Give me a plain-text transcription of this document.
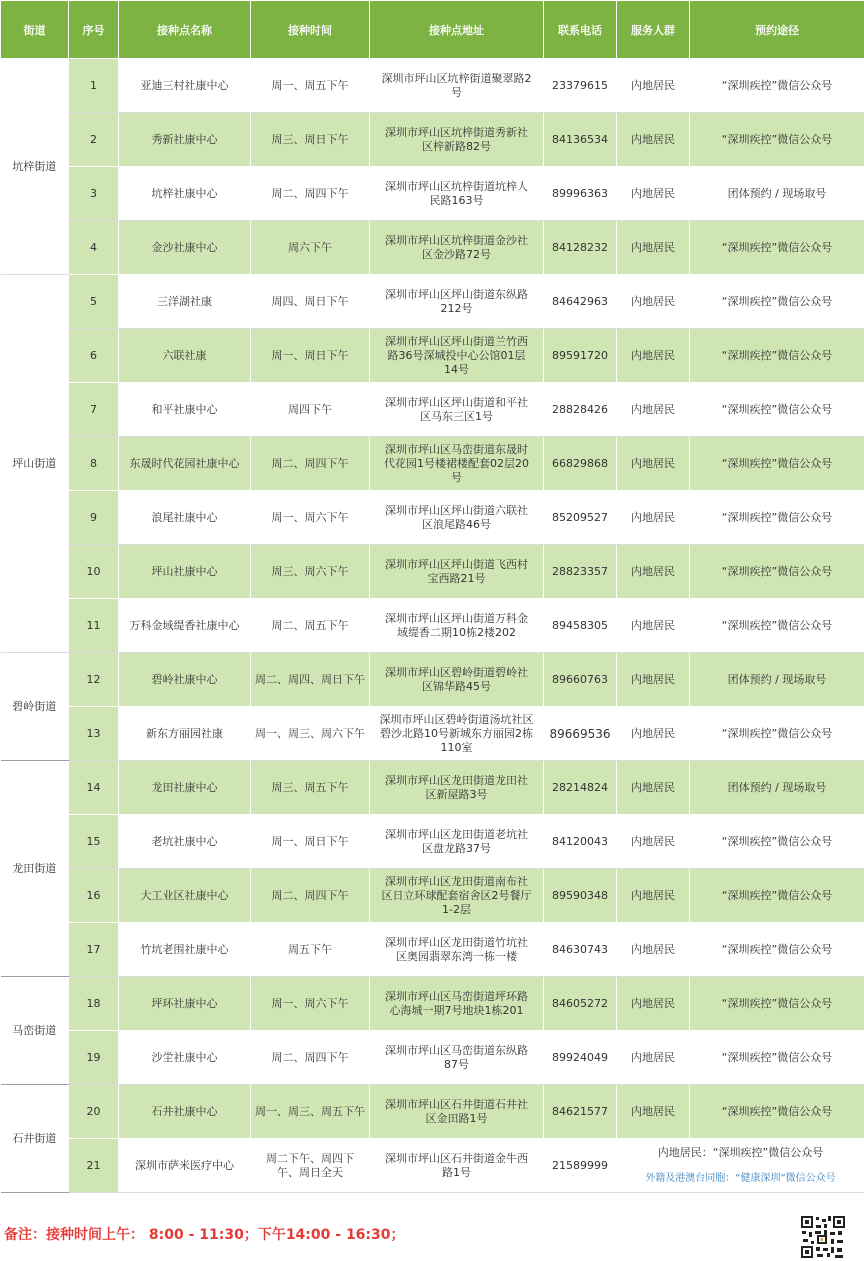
街道	序号	接种点名称	接种时间	接种点地址	联系电话	服务人群	预约途径
坑梓街道	1	亚迪三村社康中心	周一、周五下午	深圳市坪山区坑梓街道聚翠路2号	23379615	内地居民	“深圳疾控”微信公众号
	2	秀新社康中心	周三、周日下午	深圳市坪山区坑梓街道秀新社区梓新路82号	84136534	内地居民	“深圳疾控”微信公众号
	3	坑梓社康中心	周二、周四下午	深圳市坪山区坑梓街道坑梓人民路163号	89996363	内地居民	团体预约 / 现场取号
	4	金沙社康中心	周六下午	深圳市坪山区坑梓街道金沙社区金沙路72号	84128232	内地居民	“深圳疾控”微信公众号
坪山街道	5	三洋湖社康	周四、周日下午	深圳市坪山区坪山街道东纵路212号	84642963	内地居民	“深圳疾控”微信公众号
	6	六联社康	周一、周日下午	深圳市坪山区坪山街道兰竹西路36号深城投中心公馆01层14号	89591720	内地居民	“深圳疾控”微信公众号
	7	和平社康中心	周四下午	深圳市坪山区坪山街道和平社区马东三区1号	28828426	内地居民	“深圳疾控”微信公众号
	8	东晟时代花园社康中心	周二、周四下午	深圳市坪山区马峦街道东晟时代花园1号楼裙楼配套02层20号	66829868	内地居民	“深圳疾控”微信公众号
	9	浪尾社康中心	周一、周六下午	深圳市坪山区坪山街道六联社区浪尾路46号	85209527	内地居民	“深圳疾控”微信公众号
	10	坪山社康中心	周三、周六下午	深圳市坪山区坪山街道飞西村宝西路21号	28823357	内地居民	“深圳疾控”微信公众号
	11	万科金域缇香社康中心	周二、周五下午	深圳市坪山区坪山街道万科金域缇香二期10栋2楼202	89458305	内地居民	“深圳疾控”微信公众号
碧岭街道	12	碧岭社康中心	周二、周四、周日下午	深圳市坪山区碧岭街道碧岭社区锦华路45号	89660763	内地居民	团体预约 / 现场取号
	13	新东方丽园社康	周一、周三、周六下午	深圳市坪山区碧岭街道汤坑社区碧沙北路10号新城东方丽园2栋110室	89669536	内地居民	“深圳疾控”微信公众号
龙田街道	14	龙田社康中心	周三、周五下午	深圳市坪山区龙田街道龙田社区新屋路3号	28214824	内地居民	团体预约 / 现场取号
	15	老坑社康中心	周一、周日下午	深圳市坪山区龙田街道老坑社区盘龙路37号	84120043	内地居民	“深圳疾控”微信公众号
	16	大工业区社康中心	周二、周四下午	深圳市坪山区龙田街道南布社区日立环球配套宿舍区2号餐厅1-2层	89590348	内地居民	“深圳疾控”微信公众号
	17	竹坑老围社康中心	周五下午	深圳市坪山区龙田街道竹坑社区奥园翡翠东湾一栋一楼	84630743	内地居民	“深圳疾控”微信公众号
马峦街道	18	坪环社康中心	周一、周六下午	深圳市坪山区马峦街道坪环路心海城一期7号地块1栋201	84605272	内地居民	“深圳疾控”微信公众号
	19	沙坣社康中心	周二、周四下午	深圳市坪山区马峦街道东纵路87号	89924049	内地居民	“深圳疾控”微信公众号
石井街道	20	石井社康中心	周一、周三、周五下午	深圳市坪山区石井街道石井社区金田路1号	84621577	内地居民	“深圳疾控”微信公众号
	21	深圳市萨米医疗中心	周二下午、周四下午、周日全天	深圳市坪山区石井街道金牛西路1号	21589999	内地居民：“深圳疾控”微信公众号
外籍及港澳台同胞：“健康深圳”微信公众号	
备注：接种时间上午： 8:00 - 11:30；下午14:00 - 16:30；
